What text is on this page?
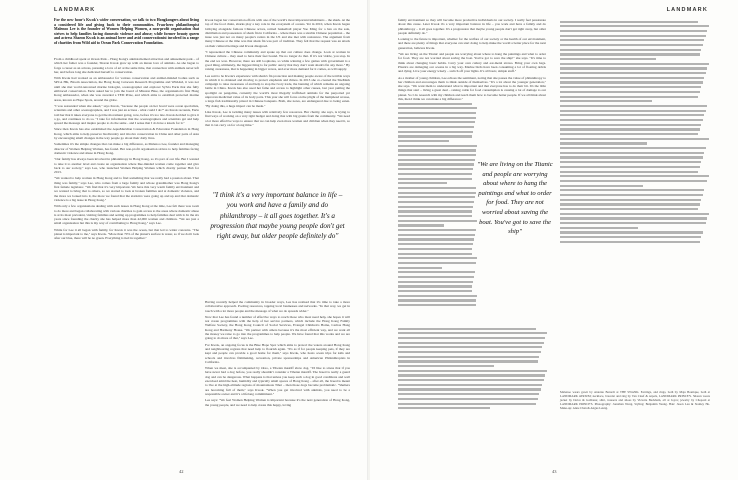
LANDMARK
For the new hour's Kwok's wider conversation, we talk to two Hongkongers about living a considered life and giving back to their communities. Frau-hero philanthropist Malenoo Lee is the founder of Women Helping Women, a non-profit organisation that strives to help families facing domestic violence and abuse; while former beauty queen and actress Sharon Kwok is an animal lover and avid conservationist involved in a range of charities from Wild aid to Ocean Park Conservation Foundation.

From a childhood spent at Ocean Park – Hong Kong's animal-themed attraction and amusement park – of which her father was a founder, Sharon Kwok grew up with an innate love of animals. As she began to forge a career as an actress, pursuing a love of art at the same time, that connection with animals never left her, and before long she dedicated herself to conservation.

With Kwok had worked as an ambassador for various conservation and animal-minded bodies such as SPCA HK, Bloom Association, the Hong Kong Cetacean Research Programme and WildAid, it was not until she met world-renowned marine biologist, oceanographer and explorer Sylvia Earle that she fully embraced conservation. Earle asked her to join the board of Mission Blue, the organisation's first Hong Kong ambassador, when she was awarded a TED Prize, and which aims to establish protected marine areas, known as Hope Spots, around the globe.

"I was astounded when she asked," says Kwok, "because the people on her board were ocean specialists, scientists and other oceanographers, and I was just an actress - what could I do?" As Kwok recounts, Earle told her that it takes everyone to get the movement going, now, before it's too late. Kwok decided to give it a go, and continues to do so. "I take for information that the oceanographers and scientists get and help spread the message and inspire people to do the same - and I sense that I do have a knack for it."

Since then Kwok has also established the AquaMeridian Conservation & Education Foundation in Hong Kong, which aims to help preserve biodiversity and involve conservation in China and other parts of Asia by encouraging small changes in the way people go about their daily lives.

Sometimes it's the simple changes that can make a big difference, as Malenoo Lee, founder and managing director of Women Helping Women, has found. Her non-profit organisation strives to help families facing domestic violence and abuse in Hong Kong.

"Our family has always been involved in philanthropy in Hong Kong, so it's part of our life. But I wanted to take it to another level and create an organisation where like-minded women come together and give back to our society," says Lee, who launched Women Helping Women which charity partner Hub for 2013.

"We wanted to help women in Hong Kong and to find something that we really had a passion about. That thing was family," says Lee, who comes from a large family and whose grandmother was Hong Kong's first female legislator. "We find that it's very important. We have this very warm family environment and we wanted to bring that to others, so we started to look at broken families and at domestic violence, and the more we looked into it, the more we found that the statistics were going up and up and that domestic violence is a big issue in Hong Kong."

With only a few organisations dealing with such issues in Hong Kong at the time, Lee felt there was room to do more and began collaborating with various charities to gain access to the areas where domestic abuse is at its most prevalent, visiting families and setting up programmes to help families deal with it. In the six years since founding the charity she has helped more than 42,000 women and children. "We are just a small organisation but this is my way of contributing to Hong Kong," says Lee.

While for Lee it all began with family, for Kwok it was the ocean, but that led to wider concerns. "The planet is important to me," says Kwok. "More than 70% of the planet's surface is water, so if we don't look after our blue, there will be no green. Everything is tied in together."

Kwok began her conservation efforts with one of the world's most important inhabitants – the shark. At the top of the food chain, sharks play a key role in the ecosystem of oceans. Yet in 2010, when Kwok began lobbying alongside famous Chinese actors, retired basketball player Yao Ming for a ban on the sale, distribution and possession of shark fin in California – where there was a sizable Chinese population – the issue was just not on many people's radars in the US and she met with resistance. The argument from many Chinese at the time was that shark fin was part of tradition. They felt that the request was an attack on their cultural heritage and Kwok disagreed.

"I represented the Chinese community and spoke up that our culture does change. Look at women in Chinese culture – they used to have their feet bound. We no longer do that. If it's not viable, you stop. In the end we won. However, there are still loopholes, so while winning a few games with government is a good thing, ultimately, the biggest thing is for public outcry that they don't want shark's fin any more." By raising awareness, that is happening in bigger waves, and ever more demand for it comes, as will supply.

Lee said to be Kwok's experience with shark's fin protection and making people aware of the terrible ways in which it is obtained and moving to protect elephants and rhinos. In 2013 she co-created the SheMark campaign to raise awareness of and help to stop the ivory trade, the banning of which remains an ongoing battle in China. Kwok has also used her fame and access to highlight other causes, last year putting the spotlight on pangolins, currently the world's most illegally trafficked animals for the purported yet unproven medicinal value of its body parts. This year she will focus on the plight of the humphead wrasse, a large fish traditionally prized in Chinese banquets. Both, she notes, are endangered due to being eaten. "By doing this, a huge impact can be made."

Like Kwok, Lee is tackling many issues with relatively few resources. Her charity, she says, is trying to find ways of working on a very tight budget and doing that with big grants from the community. "We need a lot more effective ways to ensure that we can help even more women and children when they need it, so that it can carry on for a long time."

"I think it's a very important balance in life – you work and have a family and do philanthropy – it all goes together. It's a progression that maybe young people don't get right away, but older people definitely do"

Having recently helped the community in broader ways, Lee has realised that it's time to take a more collaborative approach. Pooling resources, tapping local businesses and networks. "In that way, we get in touch with a lot more people and the message of what we do spreads wider."

Now that Lee has found a number of effective ways to reach those who most need help, she hopes it will not create programmes with the help of her service partners, which include the Hong Kong Family Welfare Society, the Hong Kong Council of Social Services, Evangel Children's Home, Caritas Hong Kong and Harmony House. "We partner with others because it's the most efficient way, and we want all the money we raise to go into the programmes to help people. We have found that this works and we are going to do more of that," says Lee.

For Kwok, an ongoing focus is the Blue Hope Spot which aims to protect the waters around Hong Kong and neighbouring regions that need help to flourish again. "It's as if for people keeping pets, if they are kept and people can provide a good home for them," says Kwok, who hosts ocean trips for kids and schools and involves filmmaking, recreation, private sponsorships and American Philanthropists in California.

When we meet, she is accompanied by Oreo, a Tibetan mastiff show dog. "I'd like to stress that if you have never had a dog before, you really shouldn't consider a Tibetan mastiff. The breed is really a guard dog and can be dangerous. What happens is that unless you keep such a dog in good conditions and well exercised amid the heat, humidity and typically small spaces of Hong Kong – after all, the breed is meant to live at the high-altitude regions of mountainous Tibet – then those dogs become problematic. "Shelters are becoming full of them," says Kwok. "When you get involved with animals, you need to be a responsible owner and it's a lifelong commitment."

Lee says: "We feel Women Helping Women is important because it's the next generation of Hong Kong, the young people, and we need to help create this happy, loving

42
LANDMARK

family environment so they will become more productive individuals in our society. I really feel passionate about this cause. Later Kwok it's a very important balance in life – you work and have a family and do philanthropy – it all goes together. It's a progression that maybe young people don't get right away, but older people definitely do."

Looking to the future is important, whether for the welfare of our society or the health of our environment, and there are plenty of things that everyone can start doing to help make the world a better place for the next generation, believes Kwok.

"We are living on the Titanic and people are worrying about where to hang the paintings and what to order for food. They are not worried about saving the boat. You've got to save the ship!" she says. "It's time to think about changing basic habits. Carry your own cutlery and eat-metal straws. Bring your own bags. Plastics are damaging our oceans in a big way. Marine birds have been consuming a lot of floating debris and dying. Live your energy wisely – switch off your lights. It's all basic, simple stuff."

As a mother of young children, Lee echoes the sentiment, noting that she passes the value of philanthropy to her children and encourages them to think outside of themselves. "It's a lot about the younger generation," she says. "We want them to understand what is important and that everyone has to do their bit. It's the little things that start – living a great deal – raising cattle for food consumption is causing a lot of damage to our planet. So I do research with my children and teach them how to become better people. If we all think about this, then I think we can make a big difference."

"We are living on the Titanic and people are worrying about where to hang the paintings and what to order for food. They are not worried about saving the boat. You've got to save the ship"
Malenoo wears gown by Antonio Berardi at THE SWANK. Earrings, and rings, both by Maja Boutique, both at LANDMARK ATRIUM; necklace, bracelet and ring by Van Cleef & Arpels, LANDMARK PRINCE'S. Sharon wears jacket by Dolce & Gabbana; shirt, trousers and shoes by Victoria Beckham, all at Joyce; jewelry by Chopard at LANDMARK PRINCE'S. Photography: Jonathan Wong. Styling: Benjamin Yeung. Hair: Jason Lau & Stanley Ho. Make-up: Anne Chan & Angus Leung.
43
